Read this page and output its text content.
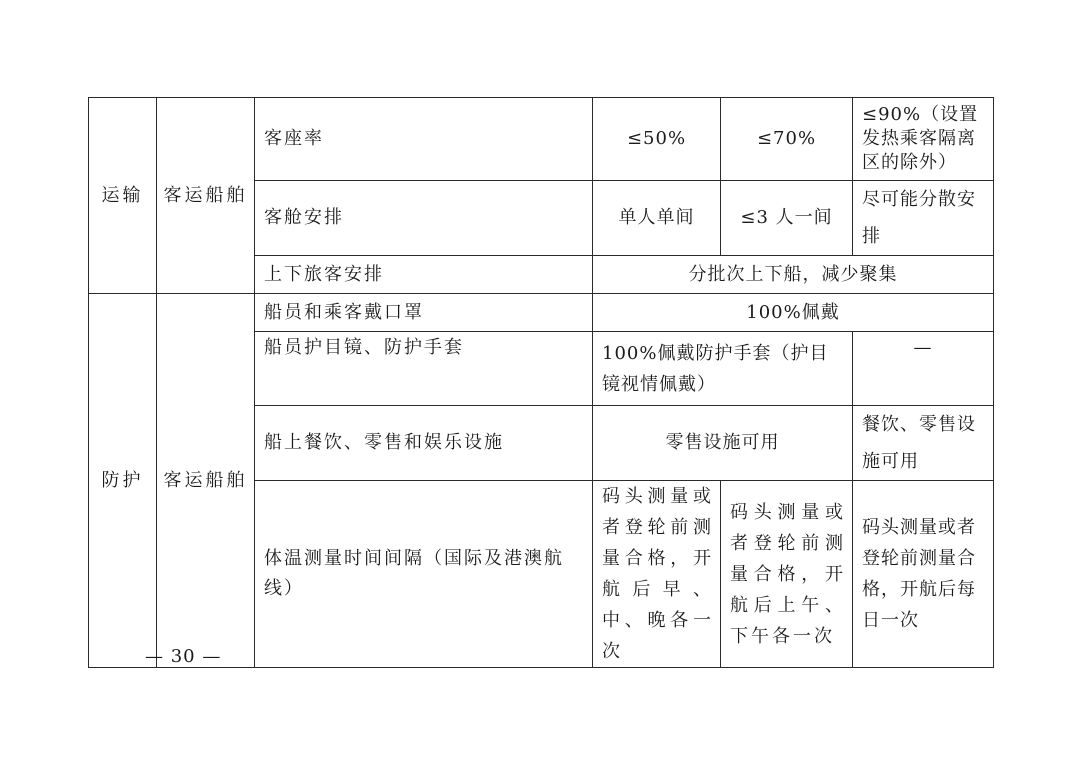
运输	客运船舶	客座率	≤50%	≤70%	≤90%（设置发热乘客隔离区的除外）
		客舱安排	单人单间	≤3 人一间	尽可能分散安排
		上下旅客安排	分批次上下船，减少聚集		
防护	客运船舶	船员和乘客戴口罩	100%佩戴		
		船员护目镜、防护手套	100%佩戴防护手套（护目镜视情佩戴）		—
		船上餐饮、零售和娱乐设施	零售设施可用		餐饮、零售设施可用
		体温测量时间间隔（国际及港澳航线）	码头测量或者登轮前测量合格，开航后早、中、晚各一次	码头测量或者登轮前测量合格，开航后上午、下午各一次	码头测量或者登轮前测量合格，开航后每日一次
— 30 —
